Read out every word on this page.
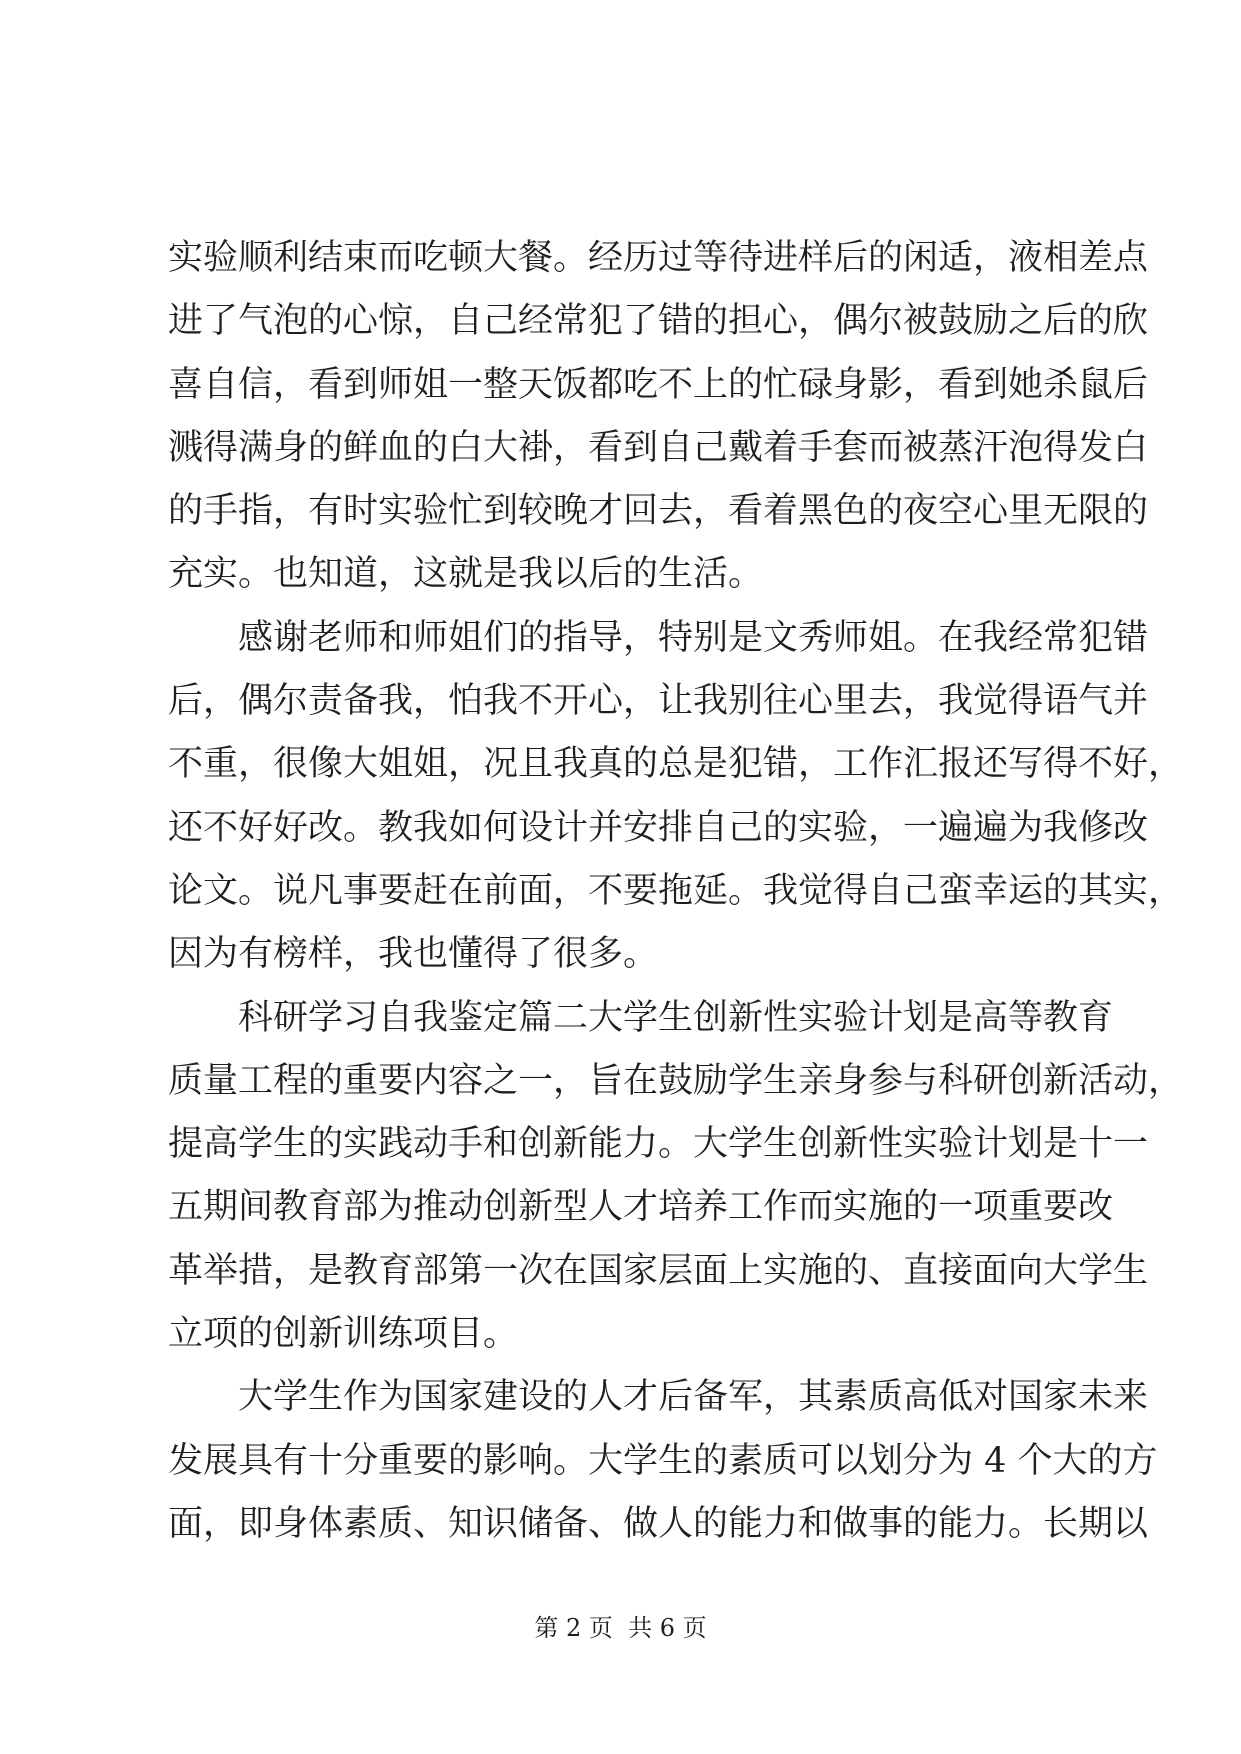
实验顺利结束而吃顿大餐。经历过等待进样后的闲适，液相差点
进了气泡的心惊，自己经常犯了错的担心，偶尔被鼓励之后的欣
喜自信，看到师姐一整天饭都吃不上的忙碌身影，看到她杀鼠后
溅得满身的鲜血的白大褂，看到自己戴着手套而被蒸汗泡得发白
的手指，有时实验忙到较晚才回去，看着黑色的夜空心里无限的
充实。也知道，这就是我以后的生活。
感谢老师和师姐们的指导，特别是文秀师姐。在我经常犯错
后，偶尔责备我，怕我不开心，让我别往心里去，我觉得语气并
不重，很像大姐姐，况且我真的总是犯错，工作汇报还写得不好，
还不好好改。教我如何设计并安排自己的实验，一遍遍为我修改
论文。说凡事要赶在前面，不要拖延。我觉得自己蛮幸运的其实，
因为有榜样，我也懂得了很多。
科研学习自我鉴定篇二大学生创新性实验计划是高等教育
质量工程的重要内容之一，旨在鼓励学生亲身参与科研创新活动，
提高学生的实践动手和创新能力。大学生创新性实验计划是十一
五期间教育部为推动创新型人才培养工作而实施的一项重要改
革举措，是教育部第一次在国家层面上实施的、直接面向大学生
立项的创新训练项目。
大学生作为国家建设的人才后备军，其素质高低对国家未来
发展具有十分重要的影响。大学生的素质可以划分为 4 个大的方
面，即身体素质、知识储备、做人的能力和做事的能力。长期以
第 2 页  共 6 页
